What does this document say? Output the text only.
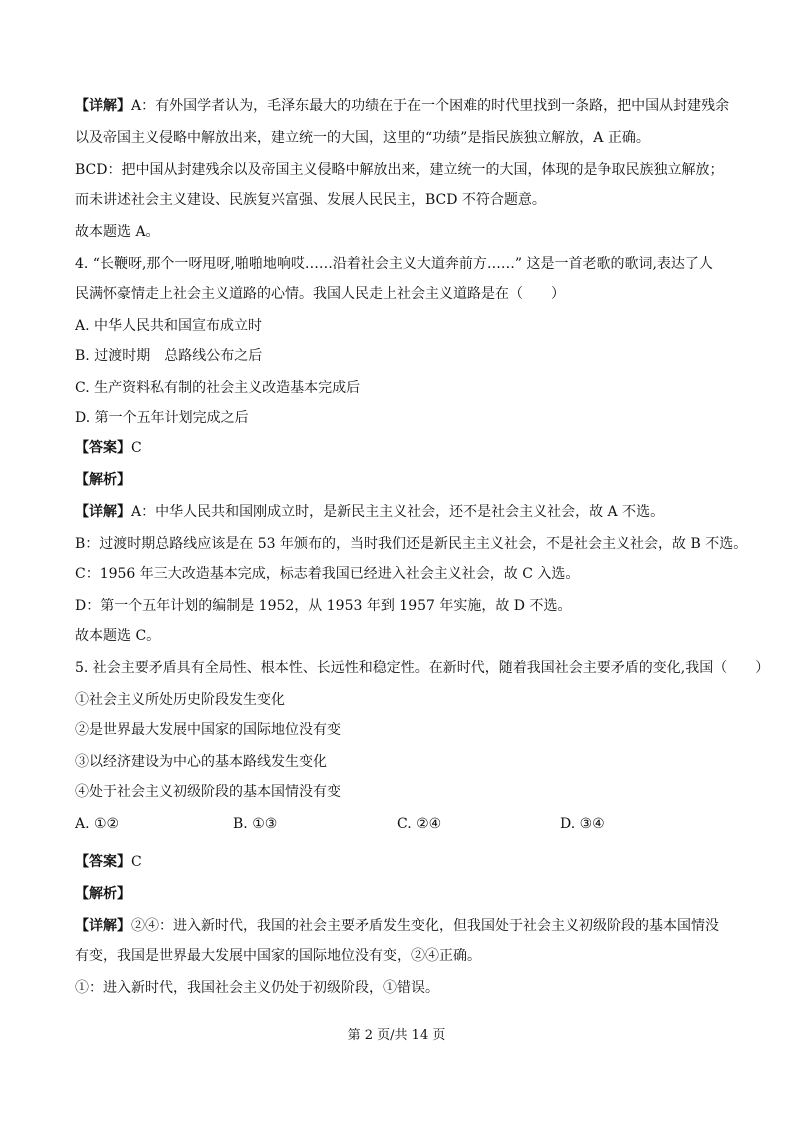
【详解】A：有外国学者认为，毛泽东最大的功绩在于在一个困难的时代里找到一条路，把中国从封建残余
以及帝国主义侵略中解放出来，建立统一的大国，这里的“功绩”是指民族独立解放，A 正确。
BCD：把中国从封建残余以及帝国主义侵略中解放出来，建立统一的大国，体现的是争取民族独立解放；
而未讲述社会主义建设、民族复兴富强、发展人民民主，BCD 不符合题意。
故本题选 A。
4. “长鞭呀,那个一呀甩呀,啪啪地响哎……沿着社会主义大道奔前方……” 这是一首老歌的歌词,表达了人
民满怀豪情走上社会主义道路的心情。我国人民走上社会主义道路是在（　　）
A. 中华人民共和国宣布成立时
B. 过渡时期　总路线公布之后
C. 生产资料私有制的社会主义改造基本完成后
D. 第一个五年计划完成之后
【答案】C
【解析】
【详解】A：中华人民共和国刚成立时，是新民主主义社会，还不是社会主义社会，故 A 不选。
B：过渡时期总路线应该是在 53 年颁布的，当时我们还是新民主主义社会，不是社会主义社会，故 B 不选。
C：1956 年三大改造基本完成，标志着我国已经进入社会主义社会，故 C 入选。
D：第一个五年计划的编制是 1952，从 1953 年到 1957 年实施，故 D 不选。
故本题选 C。
5. 社会主要矛盾具有全局性、根本性、长远性和稳定性。在新时代，随着我国社会主要矛盾的变化,我国（　　）
①社会主义所处历史阶段发生变化
②是世界最大发展中国家的国际地位没有变
③以经济建设为中心的基本路线发生变化
④处于社会主义初级阶段的基本国情没有变
A. ①②	B. ①③	C. ②④	D. ③④
【答案】C
【解析】
【详解】②④：进入新时代，我国的社会主要矛盾发生变化，但我国处于社会主义初级阶段的基本国情没
有变，我国是世界最大发展中国家的国际地位没有变，②④正确。
①：进入新时代，我国社会主义仍处于初级阶段，①错误。
第 2 页/共 14 页
